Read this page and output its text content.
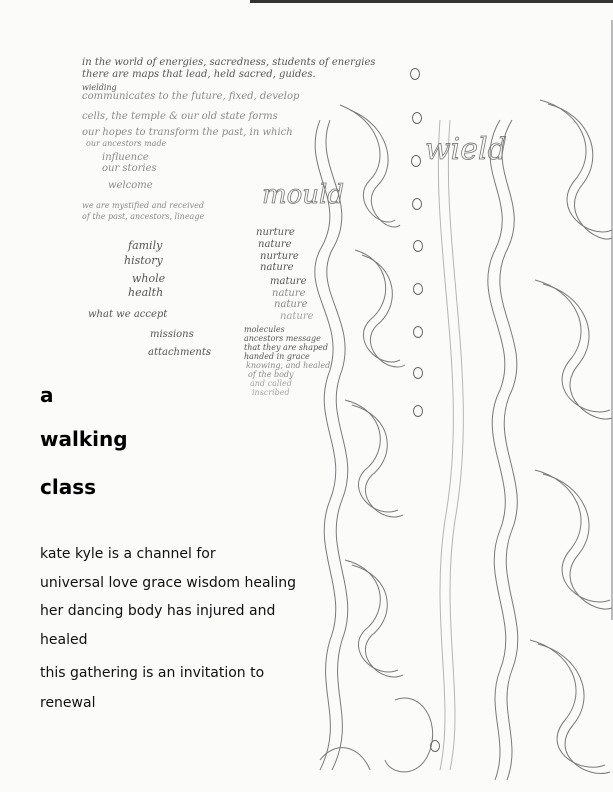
wield
mould
in the world of energies, sacredness, students of energies
there are maps that lead, held sacred, guides.
wielding
communicates to the future, fixed, develop
cells, the temple & our old state forms
our hopes to transform the past, in which
our ancestors made
influence
our stories
welcome
we are mystified and received
of the past, ancestors, lineage
family
history
whole
health
what we accept
missions
attachments
nurture
nature
nurture
nature
mature
nature
nature
nature
molecules
ancestors message
that they are shaped
handed in grace
knowing, and healed
of the body
and called
inscribed
a
walking
class
kate kyle is a channel for
universal love grace wisdom healing
her dancing body has injured and
healed
this gathering is an invitation to
renewal
